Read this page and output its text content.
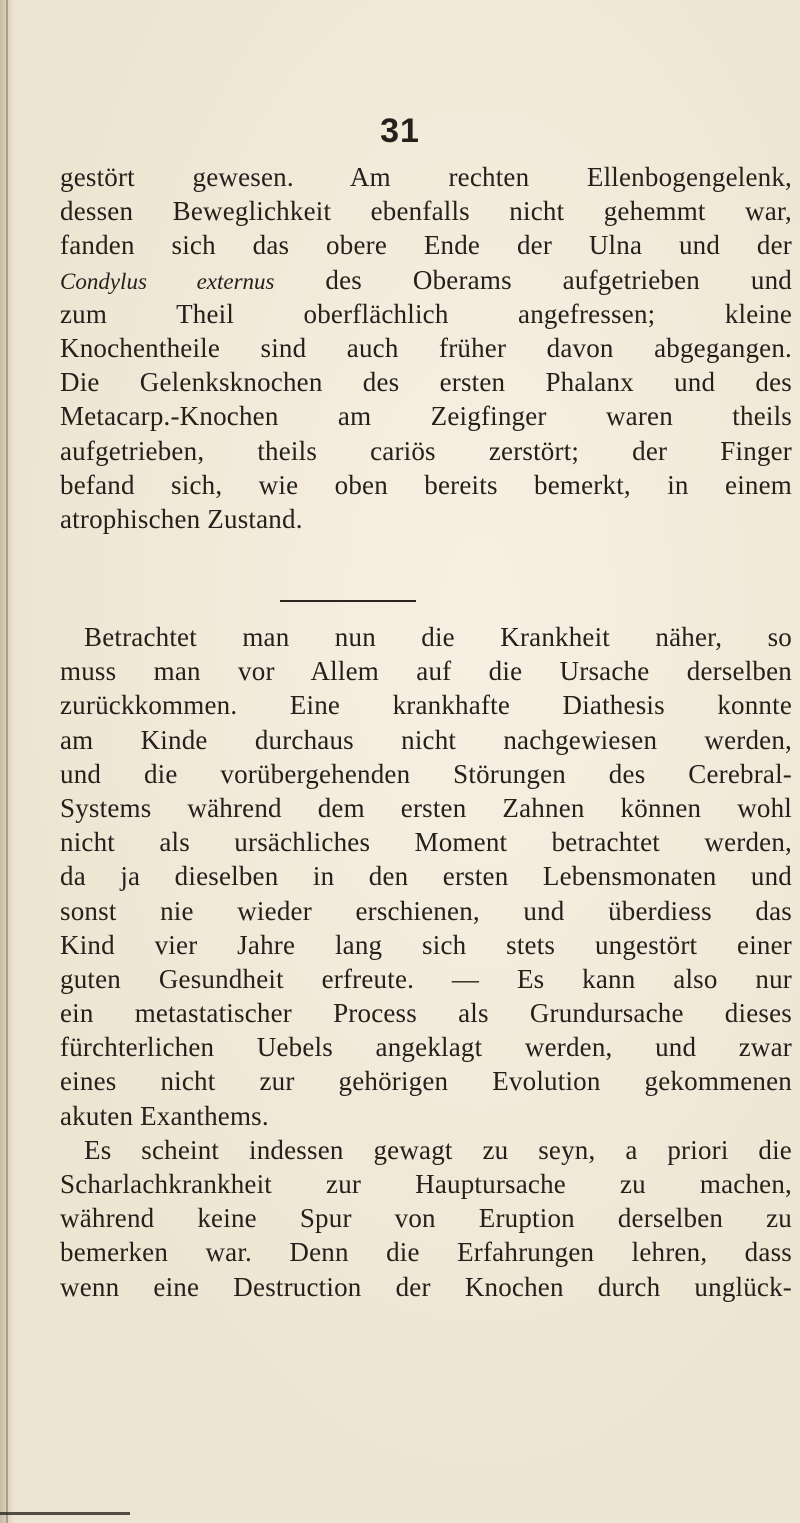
31
gestört gewesen. Am rechten Ellenbogengelenk,
dessen Beweglichkeit ebenfalls nicht gehemmt war,
fanden sich das obere Ende der Ulna und der
Condylus externus des Oberams aufgetrieben und
zum Theil oberflächlich angefressen; kleine
Knochentheile sind auch früher davon abgegangen.
Die Gelenksknochen des ersten Phalanx und des
Metacarp.-Knochen am Zeigfinger waren theils
aufgetrieben, theils cariös zerstört; der Finger
befand sich, wie oben bereits bemerkt, in einem
atrophischen Zustand.
Betrachtet man nun die Krankheit näher, so
muss man vor Allem auf die Ursache derselben
zurückkommen. Eine krankhafte Diathesis konnte
am Kinde durchaus nicht nachgewiesen werden,
und die vorübergehenden Störungen des Cerebral-
Systems während dem ersten Zahnen können wohl
nicht als ursächliches Moment betrachtet werden,
da ja dieselben in den ersten Lebensmonaten und
sonst nie wieder erschienen, und überdiess das
Kind vier Jahre lang sich stets ungestört einer
guten Gesundheit erfreute. — Es kann also nur
ein metastatischer Process als Grundursache dieses
fürchterlichen Uebels angeklagt werden, und zwar
eines nicht zur gehörigen Evolution gekommenen
akuten Exanthems.
Es scheint indessen gewagt zu seyn, a priori die
Scharlachkrankheit zur Hauptursache zu machen,
während keine Spur von Eruption derselben zu
bemerken war. Denn die Erfahrungen lehren, dass
wenn eine Destruction der Knochen durch unglück-
